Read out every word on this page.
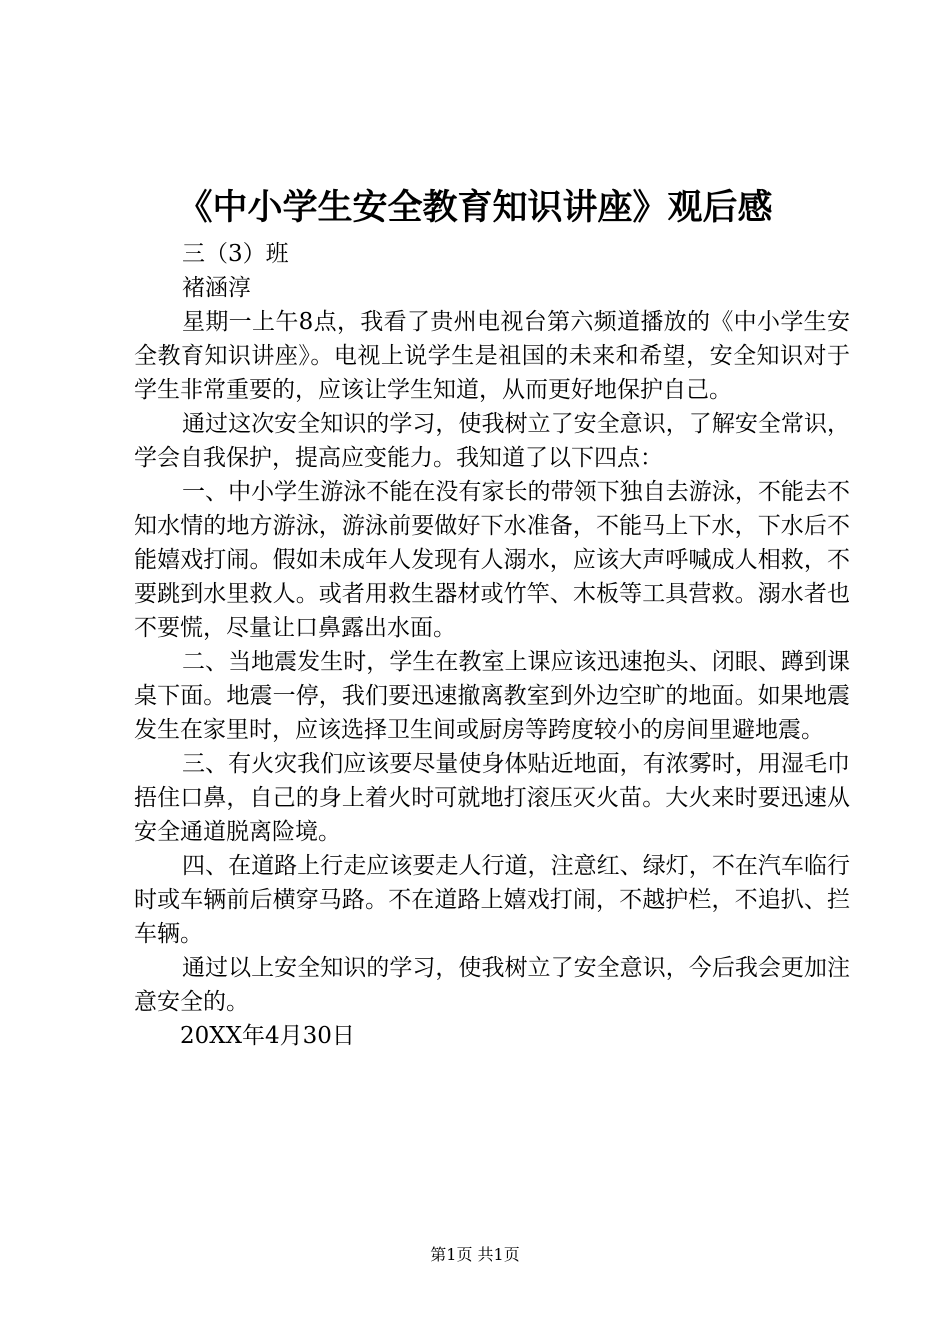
《中小学生安全教育知识讲座》观后感

三（3）班

褚涵淳

星期一上午8点，我看了贵州电视台第六频道播放的《中小学生安全教育知识讲座》。电视上说学生是祖国的未来和希望，安全知识对于学生非常重要的，应该让学生知道，从而更好地保护自己。

通过这次安全知识的学习，使我树立了安全意识，了解安全常识，学会自我保护，提高应变能力。我知道了以下四点：

一、中小学生游泳不能在没有家长的带领下独自去游泳，不能去不知水情的地方游泳，游泳前要做好下水准备，不能马上下水，下水后不能嬉戏打闹。假如未成年人发现有人溺水，应该大声呼喊成人相救，不要跳到水里救人。或者用救生器材或竹竿、木板等工具营救。溺水者也不要慌，尽量让口鼻露出水面。

二、当地震发生时，学生在教室上课应该迅速抱头、闭眼、蹲到课桌下面。地震一停，我们要迅速撤离教室到外边空旷的地面。如果地震发生在家里时，应该选择卫生间或厨房等跨度较小的房间里避地震。

三、有火灾我们应该要尽量使身体贴近地面，有浓雾时，用湿毛巾捂住口鼻，自己的身上着火时可就地打滚压灭火苗。大火来时要迅速从安全通道脱离险境。

四、在道路上行走应该要走人行道，注意红、绿灯，不在汽车临行时或车辆前后横穿马路。不在道路上嬉戏打闹，不越护栏，不追扒、拦车辆。

通过以上安全知识的学习，使我树立了安全意识，今后我会更加注意安全的。

20XX年4月30日

第1页 共1页
